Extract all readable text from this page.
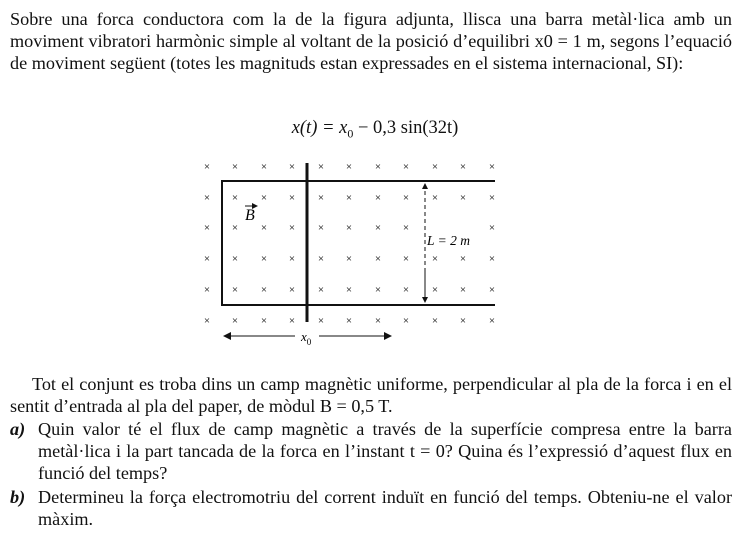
Sobre una forca conductora com la de la figura adjunta, llisca una barra metàl·lica amb un moviment vibratori harmònic simple al voltant de la posició d’equilibri x0 = 1 m, segons l’equació de moviment següent (totes les magnituds estan expressades en el sistema internacional, SI):

$x(t) = x_0 - 0,3$ sin(32t)
× × × × × × × × × × ×
× × × × × × × × × × ×
× × × × × × × ×	×
× × × × × × × × × × ×
× × × × × × × × × × ×
× × × × × × × × × × ×
L = 2 m
B
$x_0$

Tot el conjunt es troba dins un camp magnètic uniforme, perpendicular al pla de la forca i en el sentit d’entrada al pla del paper, de mòdul B = 0,5 T.

a) Quin valor té el flux de camp magnètic a través de la superfície compresa entre la barra metàl·lica i la part tancada de la forca en l’instant t = 0? Quina és l’expressió d’aquest flux en funció del temps?
b) Determineu la força electromotriu del corrent induït en funció del temps. Obteniu-ne el valor màxim.
